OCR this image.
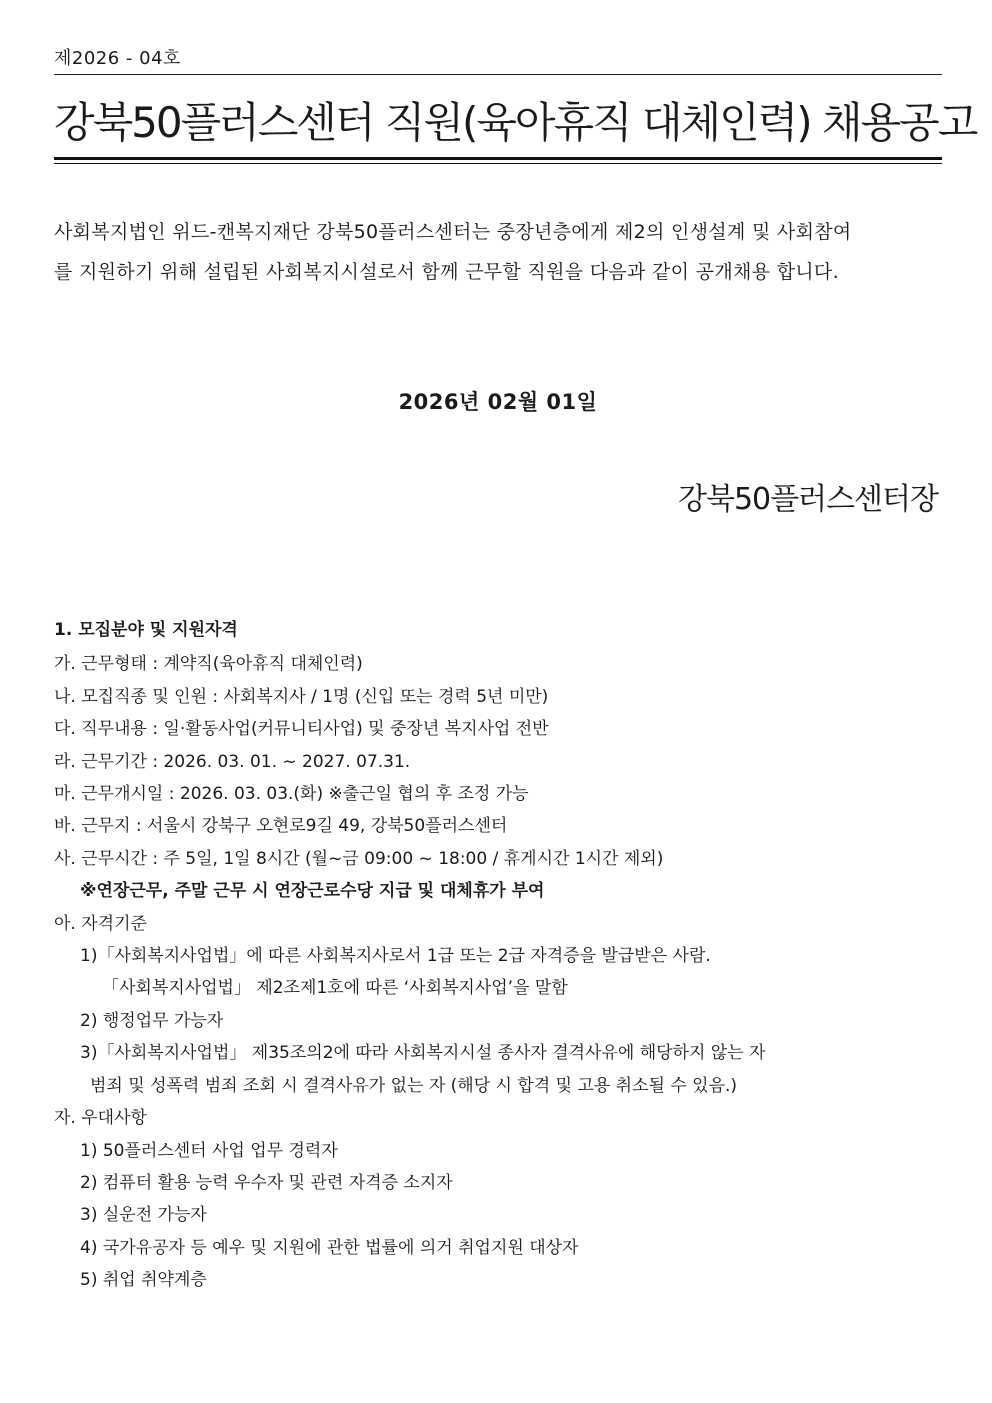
제2026 - 04호
강북50플러스센터 직원(육아휴직 대체인력) 채용공고
사회복지법인 위드-캔복지재단 강북50플러스센터는 중장년층에게 제2의 인생설계 및 사회참여
를 지원하기 위해 설립된 사회복지시설로서 함께 근무할 직원을 다음과 같이 공개채용 합니다.
2026년 02월 01일
강북50플러스센터장
1. 모집분야 및 지원자격
가. 근무형태 : 계약직(육아휴직 대체인력)
나. 모집직종 및 인원 : 사회복지사 / 1명 (신입 또는 경력 5년 미만)
다. 직무내용 : 일·활동사업(커뮤니티사업) 및 중장년 복지사업 전반
라. 근무기간 : 2026. 03. 01. ~ 2027. 07.31.
마. 근무개시일 : 2026. 03. 03.(화) ※출근일 협의 후 조정 가능
바. 근무지 : 서울시 강북구 오현로9길 49, 강북50플러스센터
사. 근무시간 : 주 5일, 1일 8시간 (월~금 09:00 ~ 18:00 / 휴게시간 1시간 제외)
※연장근무, 주말 근무 시 연장근로수당 지급 및 대체휴가 부여
아. 자격기준
1)「사회복지사업법」에 따른 사회복지사로서 1급 또는 2급 자격증을 발급받은 사람.
「사회복지사업법」 제2조제1호에 따른 ‘사회복지사업’을 말함
2) 행정업무 가능자
3)「사회복지사업법」 제35조의2에 따라 사회복지시설 종사자 결격사유에 해당하지 않는 자
범죄 및 성폭력 범죄 조회 시 결격사유가 없는 자 (해당 시 합격 및 고용 취소될 수 있음.)
자. 우대사항
1) 50플러스센터 사업 업무 경력자
2) 컴퓨터 활용 능력 우수자 및 관련 자격증 소지자
3) 실운전 가능자
4) 국가유공자 등 예우 및 지원에 관한 법률에 의거 취업지원 대상자
5) 취업 취약계층
